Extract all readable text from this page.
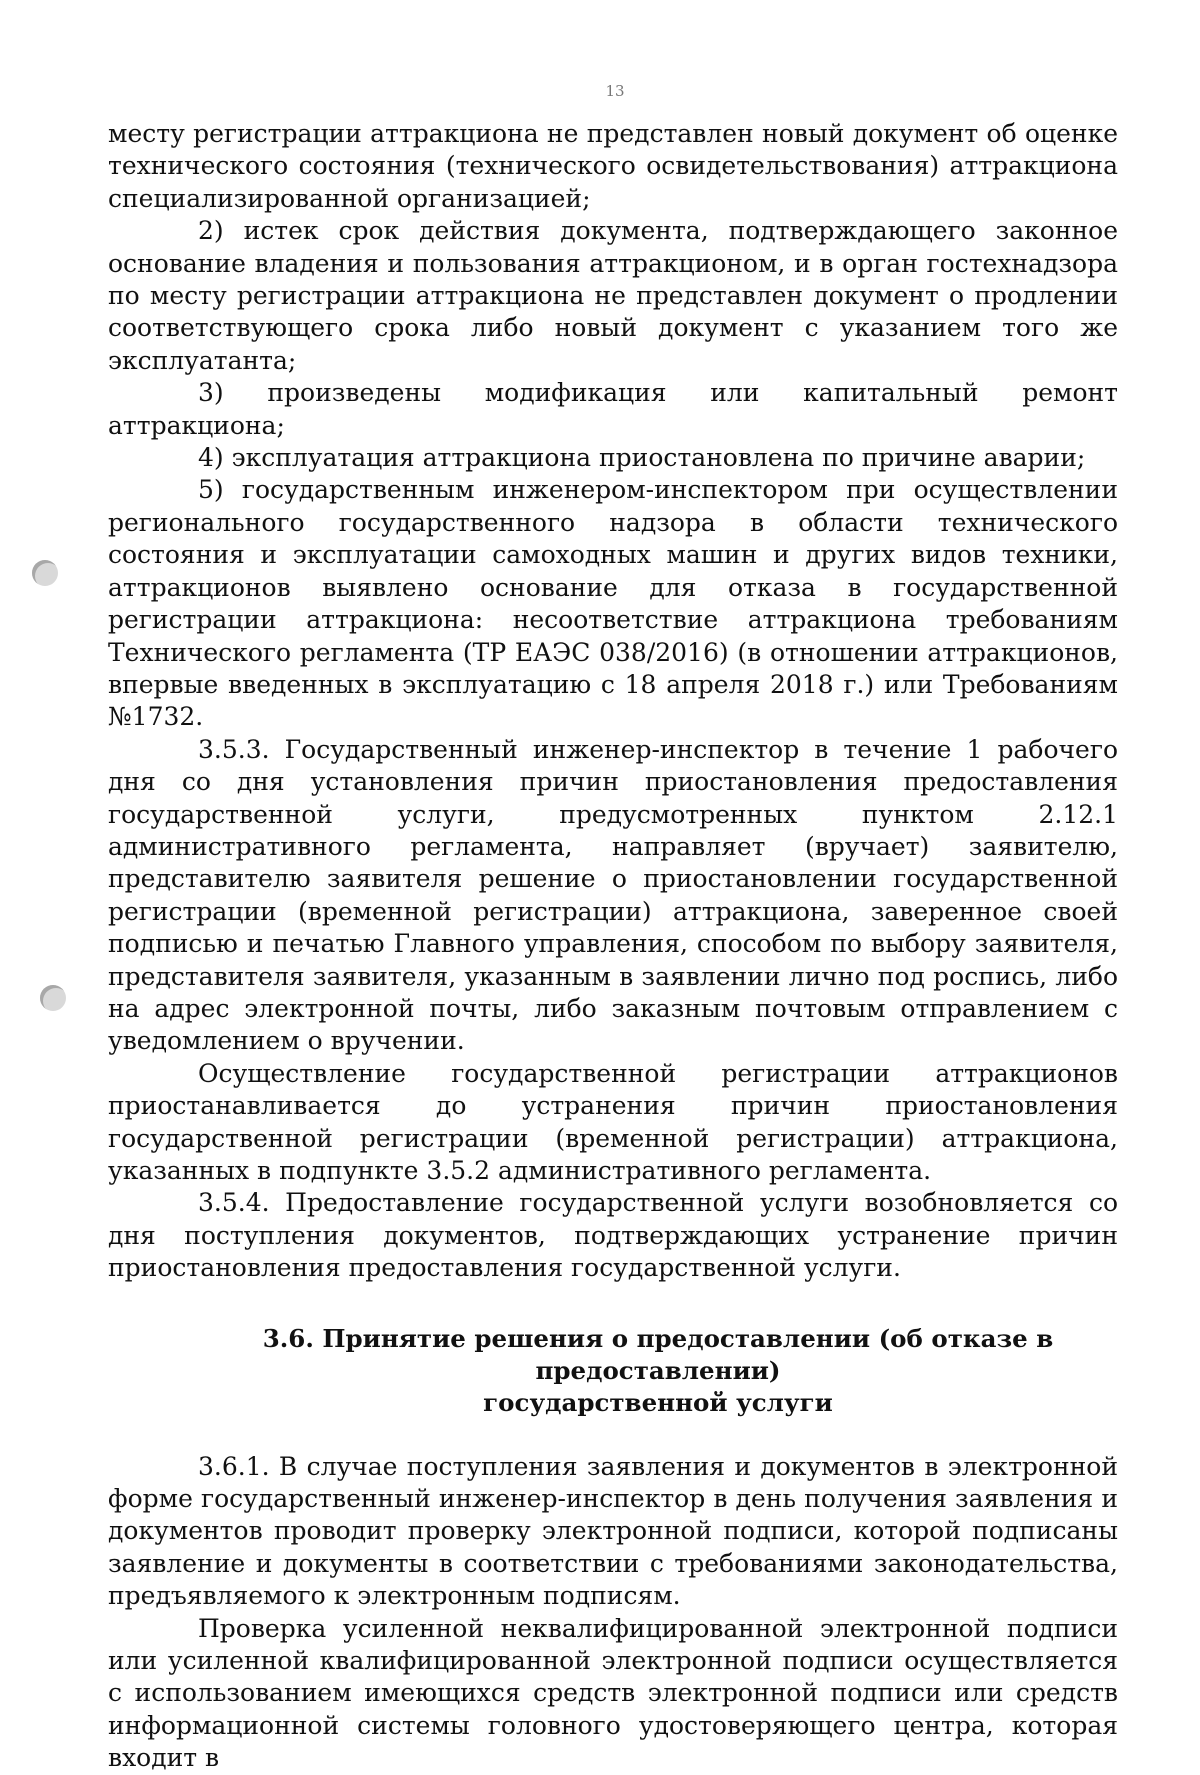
13

месту регистрации аттракциона не представлен новый документ об оценке технического состояния (технического освидетельствования) аттракциона специализированной организацией;

2) истек срок действия документа, подтверждающего законное основание владения и пользования аттракционом, и в орган гостехнадзора по месту регистрации аттракциона не представлен документ о продлении соответствующего срока либо новый документ с указанием того же эксплуатанта;

3) произведены модификация или капитальный ремонт аттракциона;

4) эксплуатация аттракциона приостановлена по причине аварии;

5) государственным инженером-инспектором при осуществлении регионального государственного надзора в области технического состояния и эксплуатации самоходных машин и других видов техники, аттракционов выявлено основание для отказа в государственной регистрации аттракциона: несоответствие аттракциона требованиям Технического регламента (ТР ЕАЭС 038/2016) (в отношении аттракционов, впервые введенных в эксплуатацию с 18 апреля 2018 г.) или Требованиям №1732.

3.5.3. Государственный инженер-инспектор в течение 1 рабочего дня со дня установления причин приостановления предоставления государственной услуги, предусмотренных пунктом 2.12.1 административного регламента, направляет (вручает) заявителю, представителю заявителя решение о приостановлении государственной регистрации (временной регистрации) аттракциона, заверенное своей подписью и печатью Главного управления, способом по выбору заявителя, представителя заявителя, указанным в заявлении лично под роспись, либо на адрес электронной почты, либо заказным почтовым отправлением с уведомлением о вручении.

Осуществление государственной регистрации аттракционов приостанавливается до устранения причин приостановления государственной регистрации (временной регистрации) аттракциона, указанных в подпункте 3.5.2 административного регламента.

3.5.4. Предоставление государственной услуги возобновляется со дня поступления документов, подтверждающих устранение причин приостановления предоставления государственной услуги.

3.6. Принятие решения о предоставлении (об отказе в предоставлении)
государственной услуги

3.6.1. В случае поступления заявления и документов в электронной форме государственный инженер-инспектор в день получения заявления и документов проводит проверку электронной подписи, которой подписаны заявление и документы в соответствии с требованиями законодательства, предъявляемого к электронным подписям.

Проверка усиленной неквалифицированной электронной подписи или усиленной квалифицированной электронной подписи осуществляется с использованием имеющихся средств электронной подписи или средств информационной системы головного удостоверяющего центра, которая входит в
